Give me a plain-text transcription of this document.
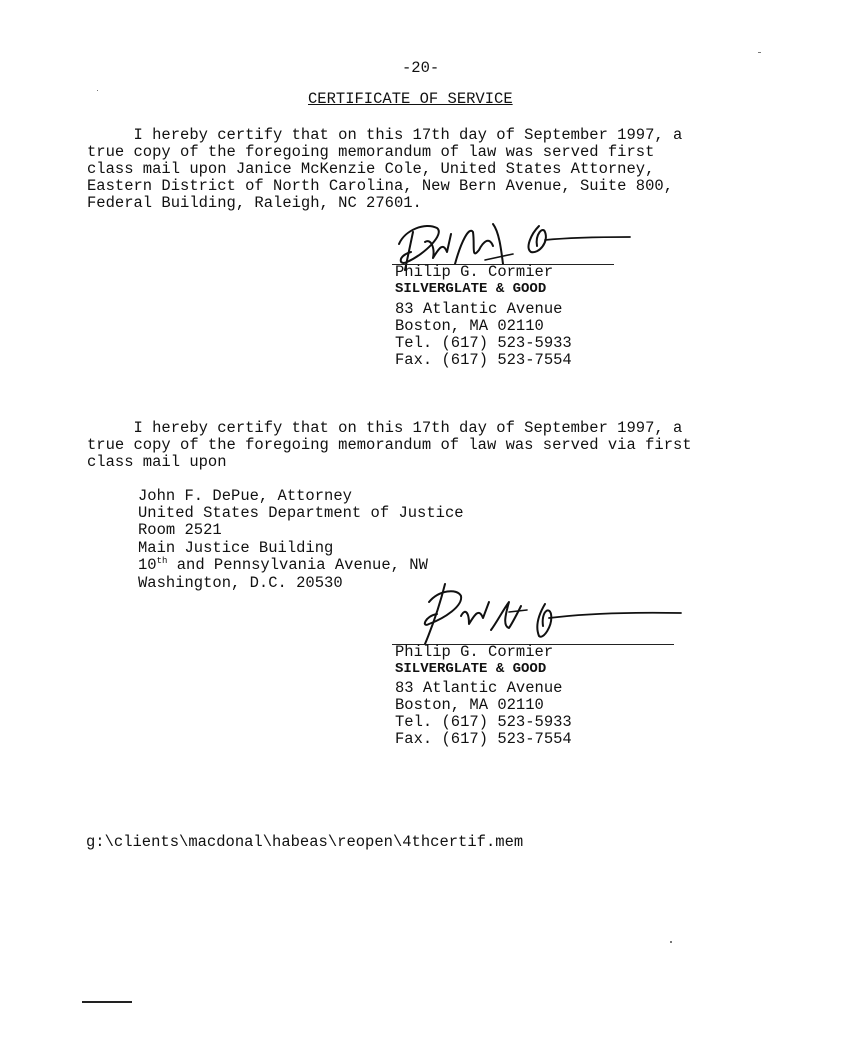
-20-
CERTIFICATE OF SERVICE
I hereby certify that on this 17th day of September 1997, a
true copy of the foregoing memorandum of law was served first
class mail upon Janice McKenzie Cole, United States Attorney,
Eastern District of North Carolina, New Bern Avenue, Suite 800,
Federal Building, Raleigh, NC 27601.
Philip G. Cormier
SILVERGLATE & GOOD
83 Atlantic Avenue
Boston, MA 02110
Tel. (617) 523-5933
Fax. (617) 523-7554
I hereby certify that on this 17th day of September 1997, a
true copy of the foregoing memorandum of law was served via first
class mail upon
John F. DePue, Attorney
United States Department of Justice
Room 2521
Main Justice Building
10th and Pennsylvania Avenue, NW
Washington, D.C. 20530
Philip G. Cormier
SILVERGLATE & GOOD
83 Atlantic Avenue
Boston, MA 02110
Tel. (617) 523-5933
Fax. (617) 523-7554
g:\clients\macdonal\habeas\reopen\4thcertif.mem
